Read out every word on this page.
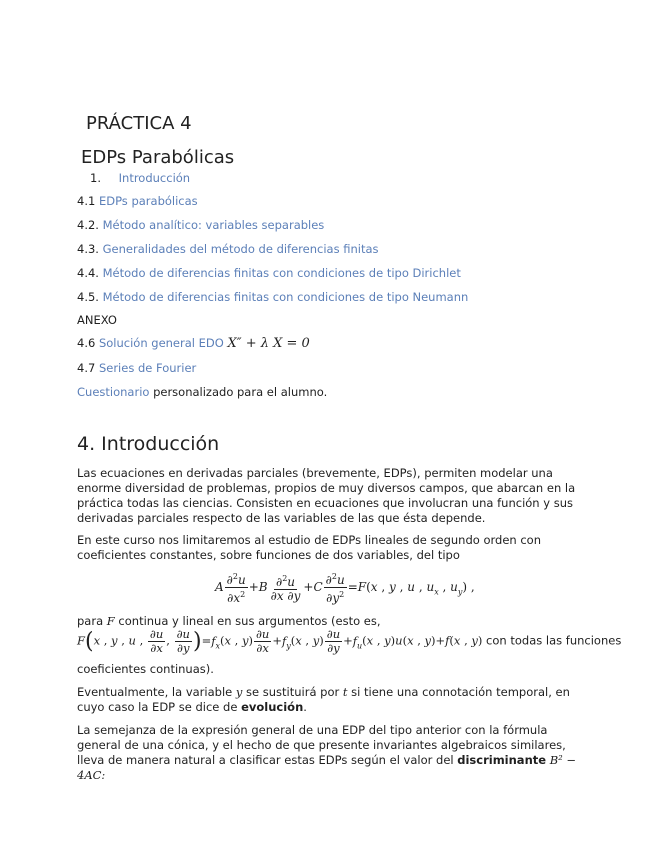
PRÁCTICA 4
EDPs Parabólicas
1. Introducción
4.1 EDPs parabólicas
4.2. Método analítico: variables separables
4.3. Generalidades del método de diferencias finitas
4.4. Método de diferencias finitas con condiciones de tipo Dirichlet
4.5. Método de diferencias finitas con condiciones de tipo Neumann
ANEXO
4.6 Solución general EDO X″ + λ X = 0
4.7 Series de Fourier
Cuestionario personalizado para el alumno.
4. Introducción
Las ecuaciones en derivadas parciales (brevemente, EDPs), permiten modelar una enorme diversidad de problemas, propios de muy diversos campos, que abarcan en la práctica todas las ciencias. Consisten en ecuaciones que involucran una función y sus derivadas parciales respecto de las variables de las que ésta depende.
En este curso nos limitaremos al estudio de EDPs lineales de segundo orden con coeficientes constantes, sobre funciones de dos variables, del tipo
A $\frac{\partial^2u}{\partial x^2} +B \frac{\partial^2u}{\partial x \partial y} +C \frac{\partial^2u}{\partial y^2} =F(x$ , y , u , $u_x$ , $u_y$) ,
para F continua y lineal en sus argumentos (esto es,
F(x , y , u , $\frac{\partial u}{\partial x}$ , $\frac{\partial u}{\partial y} )=f_x(x$ , $y) \frac{\partial u}{\partial x} +f_y(x$ , $y) \frac{\partial u}{\partial y} +f_u(x$ , y)u(x , y)+f(x , y) con todas las funciones
coeficientes continuas).
Eventualmente, la variable y se sustituirá por t si tiene una connotación temporal, en cuyo caso la EDP se dice de evolución.
La semejanza de la expresión general de una EDP del tipo anterior con la fórmula general de una cónica, y el hecho de que presente invariantes algebraicos similares, lleva de manera natural a clasificar estas EDPs según el valor del discriminante B² − 4AC:
